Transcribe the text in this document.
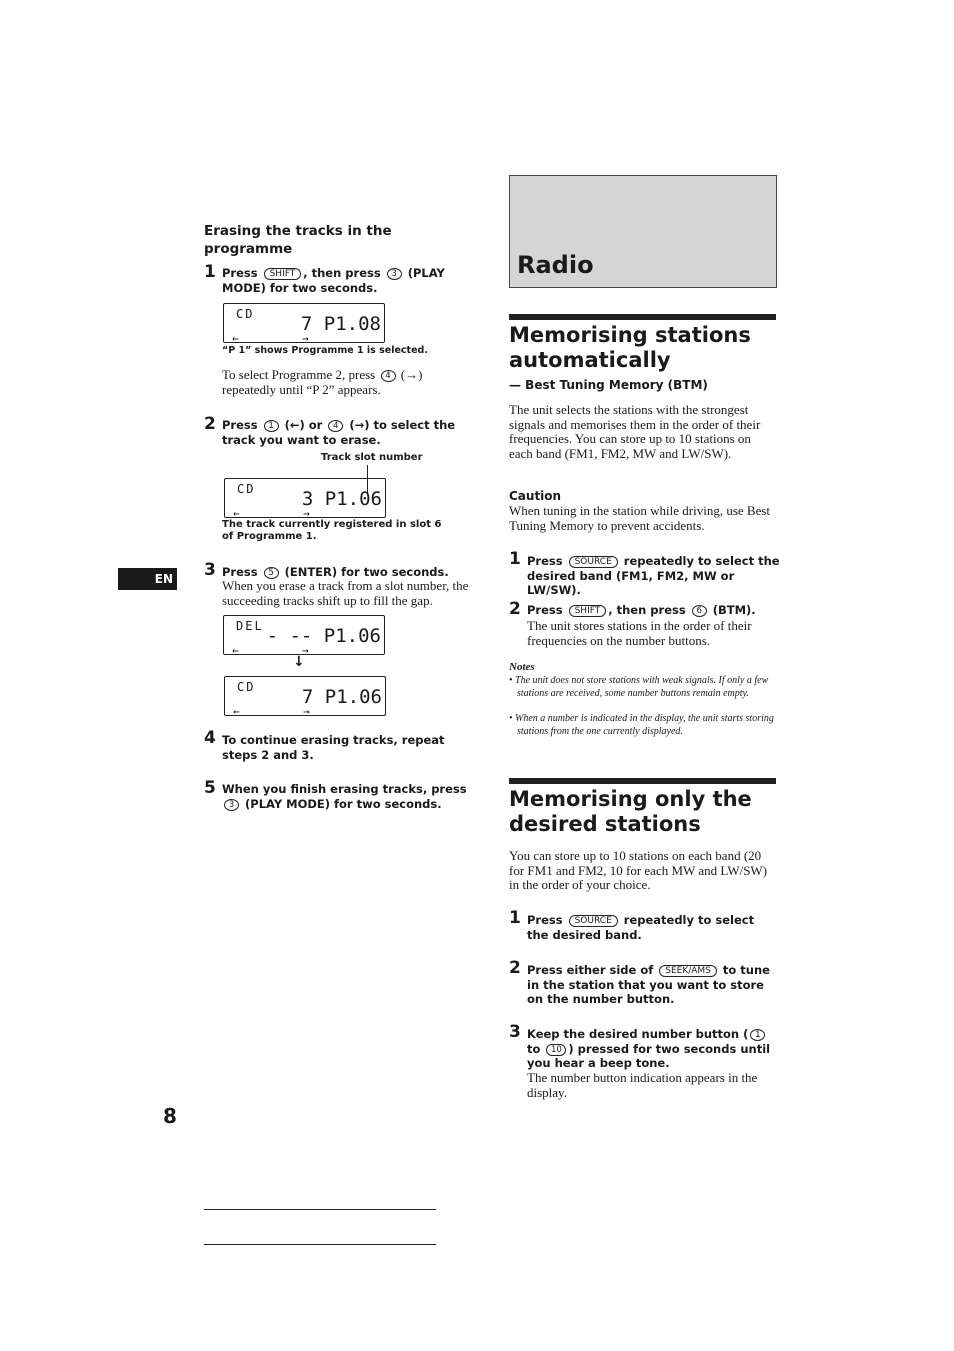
Erasing the tracks in the programme
1 Press SHIFT , then press 3 (PLAY MODE) for two seconds.
CD 7 P1.08
←	→
“P 1” shows Programme 1 is selected.
To select Programme 2, press 4 (→) repeatedly until “P 2” appears.
2 Press 1 (←) or 4 (→) to select the track you want to erase.
Track slot number
CD 3 P1.06
←	→
The track currently registered in slot 6 of Programme 1.
3 Press 5 (ENTER) for two seconds.
When you erase a track from a slot number, the succeeding tracks shift up to fill the gap.
DEL - -- P1.06
←	→
↓
CD 7 P1.06
←	→
4 To continue erasing tracks, repeat steps 2 and 3.
5 When you finish erasing tracks, press 3 (PLAY MODE) for two seconds.
EN
8
Radio
Memorising stations automatically
— Best Tuning Memory (BTM)
The unit selects the stations with the strongest signals and memorises them in the order of their frequencies. You can store up to 10 stations on each band (FM1, FM2, MW and LW/SW).
Caution
When tuning in the station while driving, use Best Tuning Memory to prevent accidents.
1 Press SOURCE repeatedly to select the desired band (FM1, FM2, MW or LW/SW).
2 Press SHIFT , then press 6 (BTM).
The unit stores stations in the order of their frequencies on the number buttons.
Notes
• The unit does not store stations with weak signals. If only a few stations are received, some number buttons remain empty.
• When a number is indicated in the display, the unit starts storing stations from the one currently displayed.
Memorising only the desired stations
You can store up to 10 stations on each band (20 for FM1 and FM2, 10 for each MW and LW/SW) in the order of your choice.
1 Press SOURCE repeatedly to select the desired band.
2 Press either side of SEEK/AMS to tune in the station that you want to store on the number button.
3 Keep the desired number button ( 1 to 10 ) pressed for two seconds until you hear a beep tone.
The number button indication appears in the display.
